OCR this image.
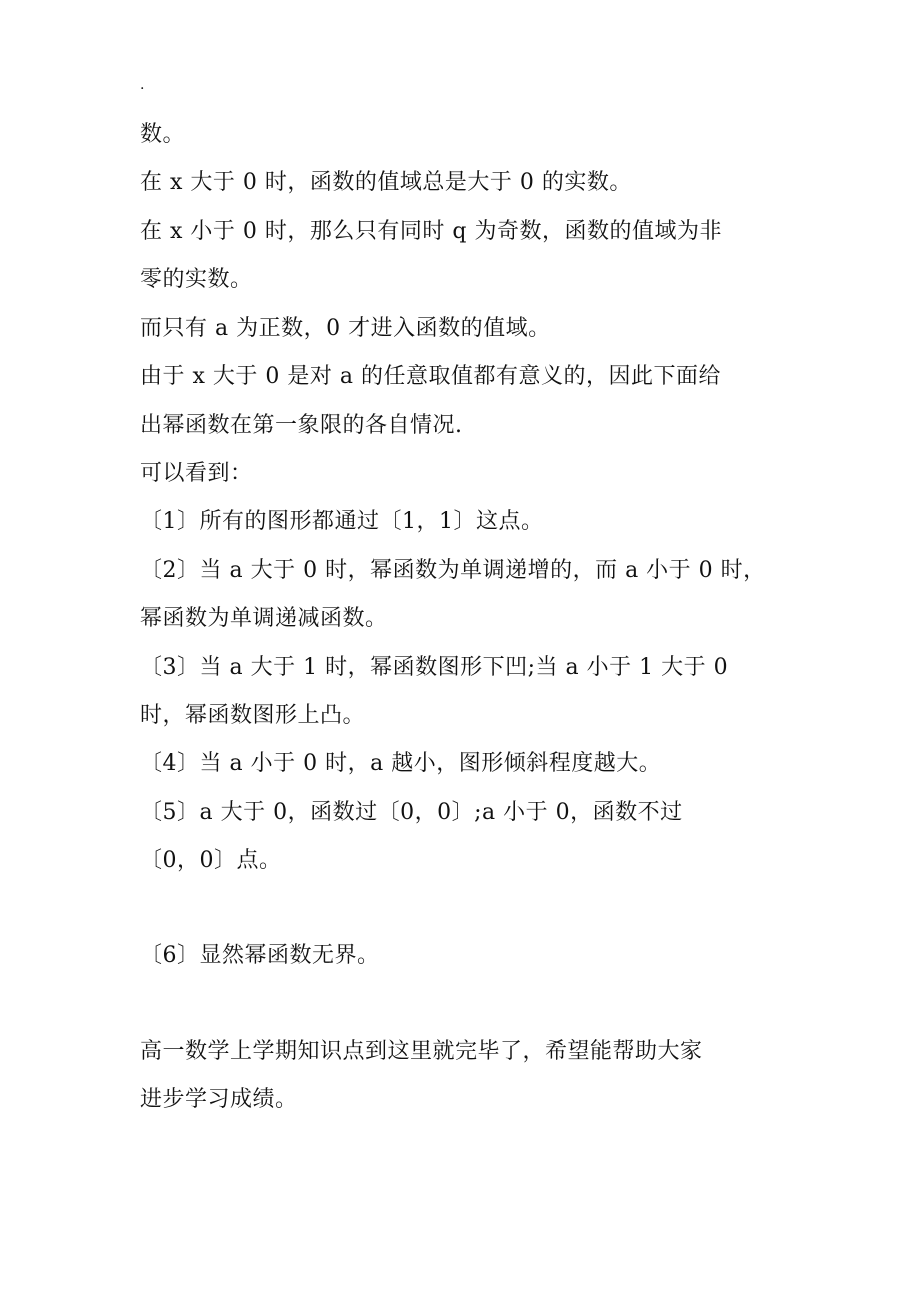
.
数。
在 x 大于 0 时，函数的值域总是大于 0 的实数。
在 x 小于 0 时，那么只有同时 q 为奇数，函数的值域为非
零的实数。
而只有 a 为正数，0 才进入函数的值域。
由于 x 大于 0 是对 a 的任意取值都有意义的，因此下面给
出幂函数在第一象限的各自情况.
可以看到：
〔1〕所有的图形都通过〔1，1〕这点。
〔2〕当 a 大于 0 时，幂函数为单调递增的，而 a 小于 0 时，
幂函数为单调递减函数。
〔3〕当 a 大于 1 时，幂函数图形下凹;当 a 小于 1 大于 0
时，幂函数图形上凸。
〔4〕当 a 小于 0 时，a 越小，图形倾斜程度越大。
〔5〕a 大于 0，函数过〔0，0〕;a 小于 0，函数不过
〔0，0〕点。
〔6〕显然幂函数无界。
高一数学上学期知识点到这里就完毕了，希望能帮助大家
进步学习成绩。
